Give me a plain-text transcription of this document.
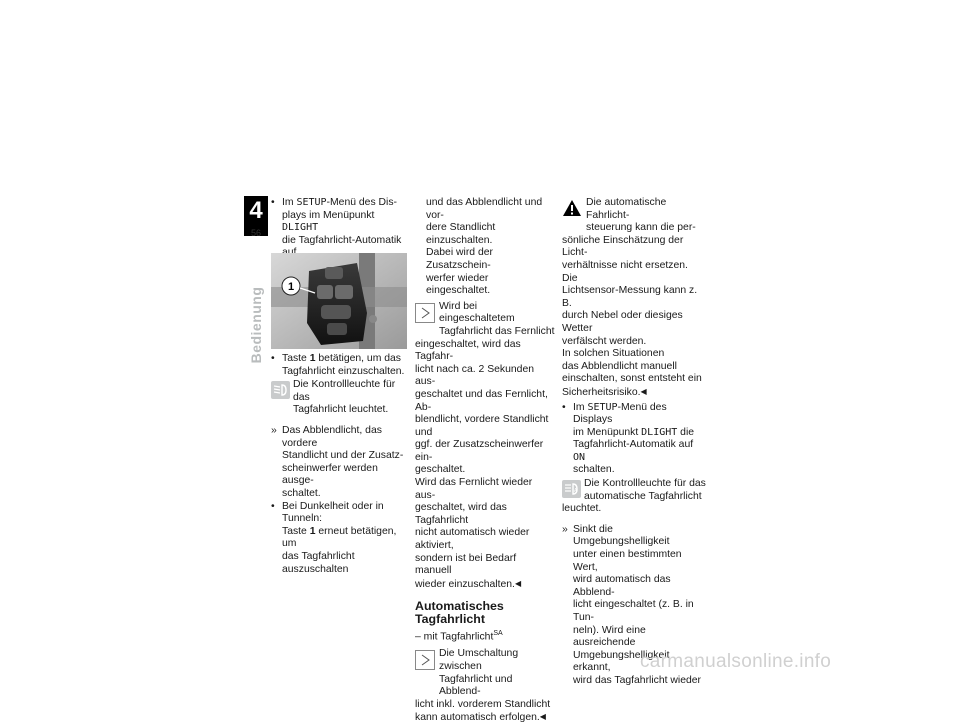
4
56
Bedienung
• Im SETUP-Menü des Dis-
plays im Menüpunkt DLIGHT
die Tagfahrlicht-Automatik

1
• Taste 1 betätigen, um das
Tagfahrlicht einzuschalten.
Die Kontrollleuchte für das
Tagfahrlicht leuchtet.
» Das Abblendlicht, das vordere
Standlicht und der Zusatz-
scheinwerfer werden ausge-
schaltet.
• Bei Dunkelheit oder in Tunneln:
Taste 1 erneut betätigen, um
das Tagfahrlicht auszuschalten
und das Abblendlicht und vor-
dere Standlicht einzuschalten.
Dabei wird der Zusatzschein-
werfer wieder eingeschaltet.
Wird bei eingeschaltetem
Tagfahrlicht das Fernlicht
eingeschaltet, wird das Tagfahr-
licht nach ca. 2 Sekunden aus-
geschaltet und das Fernlicht, Ab-
blendlicht, vordere Standlicht und
ggf. der Zusatzscheinwerfer ein-
geschaltet.
Wird das Fernlicht wieder aus-
geschaltet, wird das Tagfahrlicht
nicht automatisch wieder aktiviert,
sondern ist bei Bedarf manuell
wieder einzuschalten.◀
Automatisches
Tagfahrlicht
– mit Tagfahrlicht$^{SA}$
Die Umschaltung zwischen
Tagfahrlicht und Abblend-
licht inkl. vorderem Standlicht
kann automatisch erfolgen.◀
Die automatische Fahrlicht-
steuerung kann die per-
sönliche Einschätzung der Licht-
verhältnisse nicht ersetzen. Die
Lichtsensor-Messung kann z. B.
durch Nebel oder diesiges Wetter
verfälscht werden.
In solchen Situationen
das Abblendlicht manuell
einschalten, sonst entsteht ein
Sicherheitsrisiko.◀
• Im SETUP-Menü des Displays
im Menüpunkt DLIGHT die
Tagfahrlicht-Automatik auf ON
schalten.
A
Die Kontrollleuchte für das
automatische Tagfahrlicht
leuchtet.
» Sinkt die Umgebungshelligkeit
unter einen bestimmten Wert,
wird automatisch das Abblend-
licht eingeschaltet (z. B. in Tun-
neln). Wird eine ausreichende
Umgebungshelligkeit erkannt,
wird das Tagfahrlicht wieder
carmanualsonline.info
